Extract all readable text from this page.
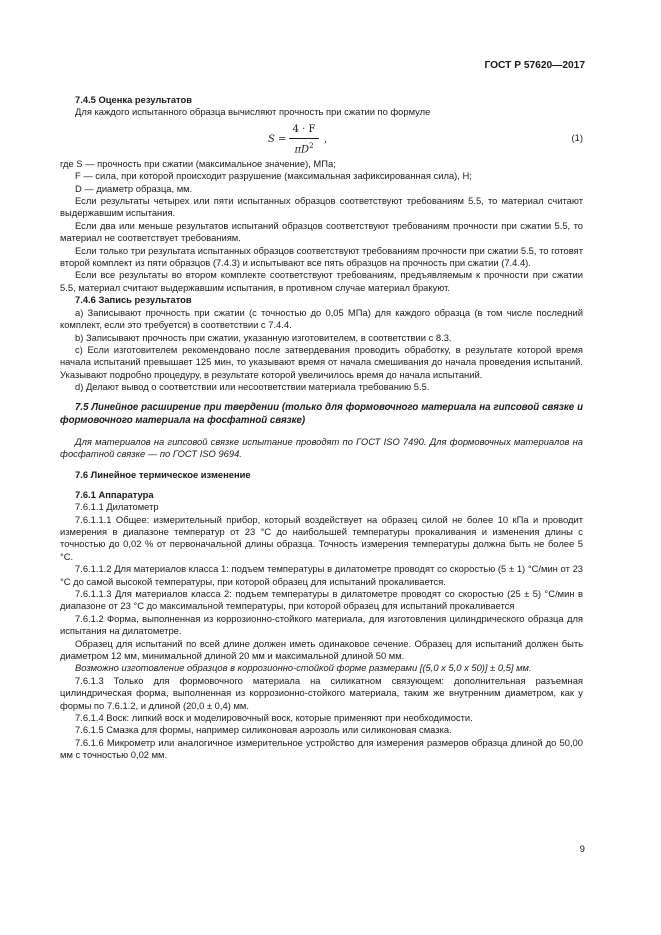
ГОСТ Р 57620—2017

7.4.5 Оценка результатов

Для каждого испытанного образца вычисляют прочность при сжатии по формуле

S =
4 · F
$\pi D^2$
,	(1)

где S — прочность при сжатии (максимальное значение), МПа;

F — сила, при которой происходит разрушение (максимальная зафиксированная сила), Н;

D — диаметр образца, мм.

Если результаты четырех или пяти испытанных образцов соответствуют требованиям 5.5, то материал считают выдержавшим испытания.

Если два или меньше результатов испытаний образцов соответствуют требованиям прочности при сжатии 5.5, то материал не соответствует требованиям.

Если только три результата испытанных образцов соответствуют требованиям прочности при сжатии 5.5, то готовят второй комплект из пяти образцов (7.4.3) и испытывают все пять образцов на прочность при сжатии (7.4.4).

Если все результаты во втором комплекте соответствуют требованиям, предъявляемым к прочности при сжатии 5.5, материал считают выдержавшим испытания, в противном случае материал бракуют.

7.4.6 Запись результатов

a) Записывают прочность при сжатии (с точностью до 0,05 МПа) для каждого образца (в том числе последний комплект, если это требуется) в соответствии с 7.4.4.

b) Записывают прочность при сжатии, указанную изготовителем, в соответствии с 8.3.

c) Если изготовителем рекомендовано после затвердевания проводить обработку, в результате которой время начала испытаний превышает 125 мин, то указывают время от начала смешивания до начала проведения испытаний. Указывают подробно процедуру, в результате которой увеличилось время до начала испытаний.

d) Делают вывод о соответствии или несоответствии материала требованию 5.5.

7.5 Линейное расширение при твердении (только для формовочного материала на гипсовой связке и формовочного материала на фосфатной связке)

Для материалов на гипсовой связке испытание проводят по ГОСТ ISO 7490. Для формовочных материалов на фосфатной связке — по ГОСТ ISO 9694.

7.6 Линейное термическое изменение

7.6.1 Аппаратура

7.6.1.1 Дилатометр

7.6.1.1.1 Общее: измерительный прибор, который воздействует на образец силой не более 10 кПа и проводит измерения в диапазоне температур от 23 °С до наибольшей температуры прокаливания и изменения длины с точностью до 0,02 % от первоначальной длины образца. Точность измерения температуры должна быть не более 5 °С.

7.6.1.1.2 Для материалов класса 1: подъем температуры в дилатометре проводят со скоростью (5 ± 1) °С/мин от 23 °С до самой высокой температуры, при которой образец для испытаний прокаливается.

7.6.1.1.3 Для материалов класса 2: подъем температуры в дилатометре проводят со скоростью (25 ± 5) °С/мин в диапазоне от 23 °С до максимальной температуры, при которой образец для испытаний прокаливается

7.6.1.2 Форма, выполненная из коррозионно-стойкого материала, для изготовления цилиндрического образца для испытания на дилатометре.

Образец для испытаний по всей длине должен иметь одинаковое сечение. Образец для испытаний должен быть диаметром 12 мм, минимальной длиной 20 мм и максимальной длиной 50 мм.

Возможно изготовление образцов в коррозионно-стойкой форме размерами [(5,0 х 5,0 х 50)] ± 0,5] мм.

7.6.1.3 Только для формовочного материала на силикатном связующем: дополнительная разъемная цилиндрическая форма, выполненная из коррозионно-стойкого материала, таким же внутренним диаметром, как у формы по 7.6.1.2, и длиной (20,0 ± 0,4) мм.

7.6.1.4 Воск: липкий воск и моделировочный воск, которые применяют при необходимости.

7.6.1.5 Смазка для формы, например силиконовая аэрозоль или силиконовая смазка.

7.6.1.6 Микрометр или аналогичное измерительное устройство для измерения размеров образца длиной до 50,00 мм с точностью 0,02 мм.

9
